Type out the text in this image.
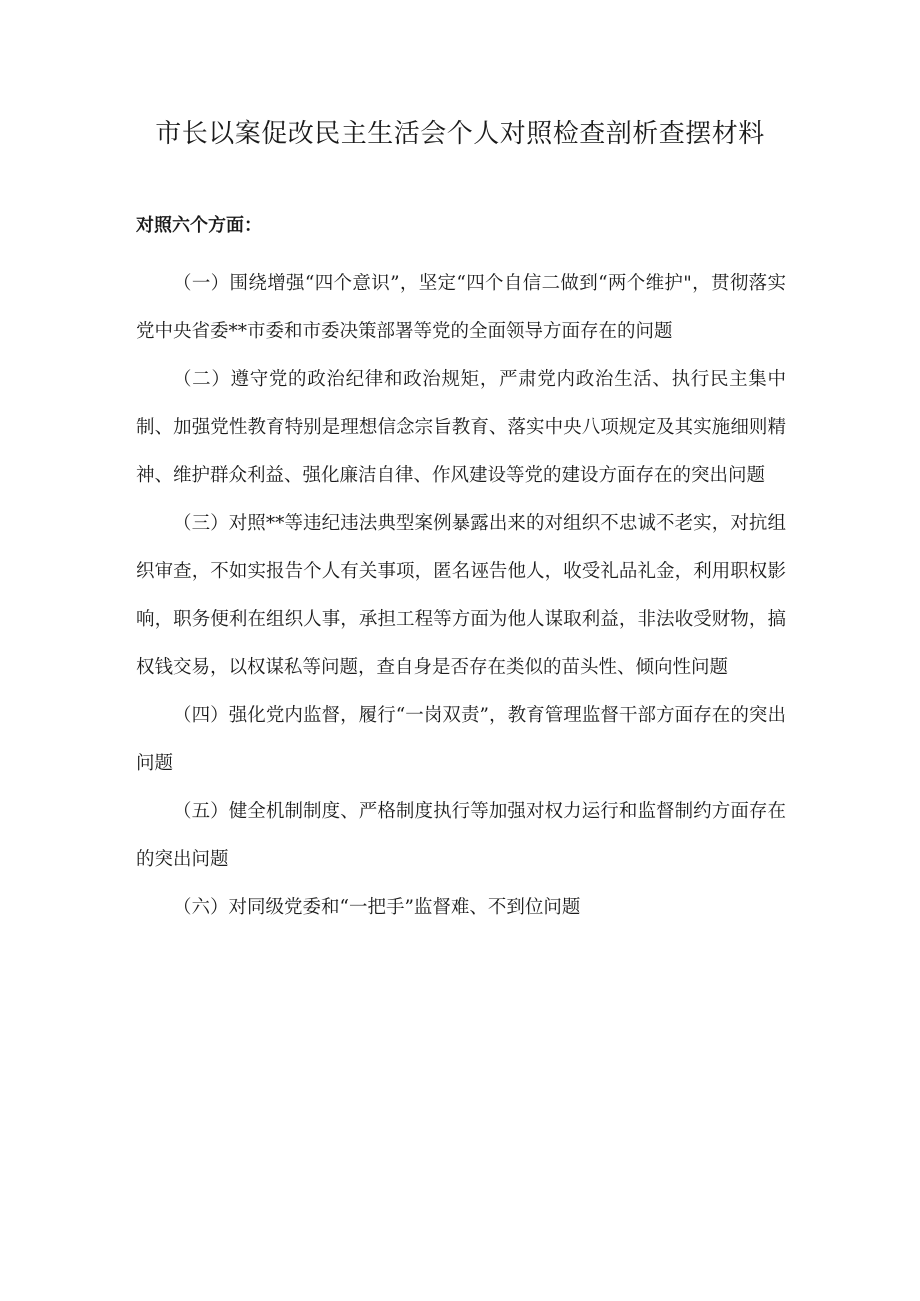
市长以案促改民主生活会个人对照检查剖析查摆材料
对照六个方面：

（一）围绕增强“四个意识”，坚定“四个自信二做到“两个维护"，贯彻落实党中央省委**市委和市委决策部署等党的全面领导方面存在的问题

（二）遵守党的政治纪律和政治规矩，严肃党内政治生活、执行民主集中制、加强党性教育特别是理想信念宗旨教育、落实中央八项规定及其实施细则精神、维护群众利益、强化廉洁自律、作风建设等党的建设方面存在的突出问题

（三）对照**等违纪违法典型案例暴露出来的对组织不忠诚不老实，对抗组织审查，不如实报告个人有关事项，匿名诬告他人，收受礼品礼金，利用职权影响，职务便利在组织人事，承担工程等方面为他人谋取利益，非法收受财物，搞权钱交易，以权谋私等问题，查自身是否存在类似的苗头性、倾向性问题

（四）强化党内监督，履行“一岗双责”，教育管理监督干部方面存在的突出问题

（五）健全机制制度、严格制度执行等加强对权力运行和监督制约方面存在的突出问题

（六）对同级党委和“一把手”监督难、不到位问题
